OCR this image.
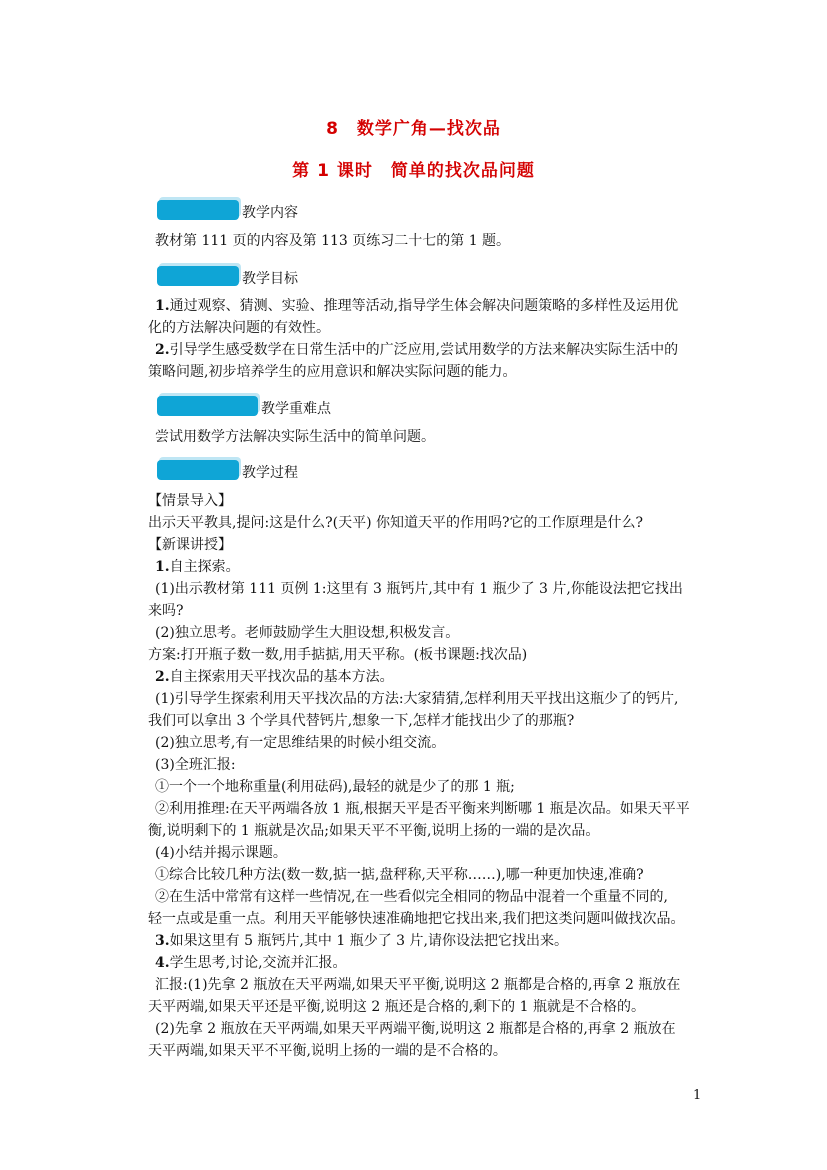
8　数学广角—找次品
第 1 课时　简单的找次品问题
教学内容
教材第 111 页的内容及第 113 页练习二十七的第 1 题。
教学目标
1.通过观察、猜测、实验、推理等活动,指导学生体会解决问题策略的多样性及运用优
化的方法解决问题的有效性。
2.引导学生感受数学在日常生活中的广泛应用,尝试用数学的方法来解决实际生活中的
策略问题,初步培养学生的应用意识和解决实际问题的能力。
教学重难点
尝试用数学方法解决实际生活中的简单问题。
教学过程
【情景导入】
出示天平教具,提问:这是什么?(天平) 你知道天平的作用吗?它的工作原理是什么?
【新课讲授】
1.自主探索。
(1)出示教材第 111 页例 1:这里有 3 瓶钙片,其中有 1 瓶少了 3 片,你能设法把它找出
来吗?
(2)独立思考。老师鼓励学生大胆设想,积极发言。
方案:打开瓶子数一数,用手掂掂,用天平称。(板书课题:找次品)
2.自主探索用天平找次品的基本方法。
(1)引导学生探索利用天平找次品的方法:大家猜猜,怎样利用天平找出这瓶少了的钙片,
我们可以拿出 3 个学具代替钙片,想象一下,怎样才能找出少了的那瓶?
(2)独立思考,有一定思维结果的时候小组交流。
(3)全班汇报:
①一个一个地称重量(利用砝码),最轻的就是少了的那 1 瓶;
②利用推理:在天平两端各放 1 瓶,根据天平是否平衡来判断哪 1 瓶是次品。如果天平平
衡,说明剩下的 1 瓶就是次品;如果天平不平衡,说明上扬的一端的是次品。
(4)小结并揭示课题。
①综合比较几种方法(数一数,掂一掂,盘秤称,天平称……),哪一种更加快速,准确?
②在生活中常常有这样一些情况,在一些看似完全相同的物品中混着一个重量不同的,
轻一点或是重一点。利用天平能够快速准确地把它找出来,我们把这类问题叫做找次品。
3.如果这里有 5 瓶钙片,其中 1 瓶少了 3 片,请你设法把它找出来。
4.学生思考,讨论,交流并汇报。
汇报:(1)先拿 2 瓶放在天平两端,如果天平平衡,说明这 2 瓶都是合格的,再拿 2 瓶放在
天平两端,如果天平还是平衡,说明这 2 瓶还是合格的,剩下的 1 瓶就是不合格的。
(2)先拿 2 瓶放在天平两端,如果天平两端平衡,说明这 2 瓶都是合格的,再拿 2 瓶放在
天平两端,如果天平不平衡,说明上扬的一端的是不合格的。
1
